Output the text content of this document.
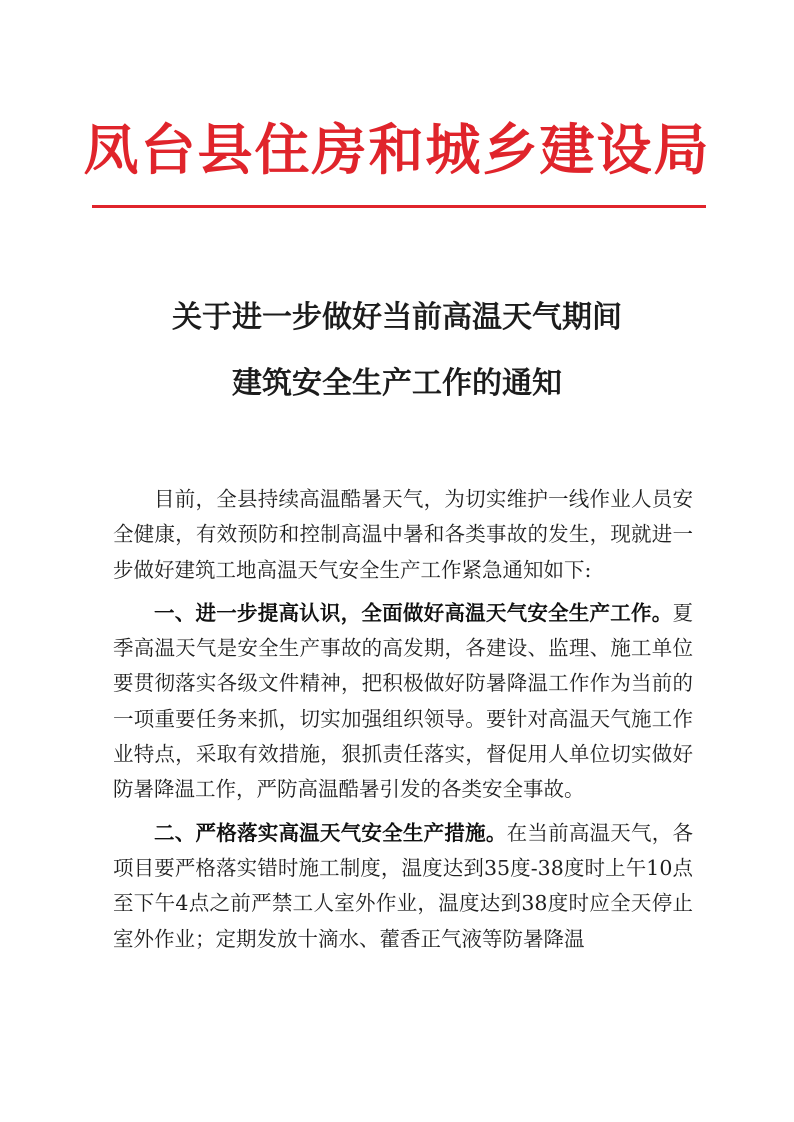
凤台县住房和城乡建设局
关于进一步做好当前高温天气期间
建筑安全生产工作的通知

目前，全县持续高温酷暑天气，为切实维护一线作业人员安全健康，有效预防和控制高温中暑和各类事故的发生，现就进一步做好建筑工地高温天气安全生产工作紧急通知如下:

一、进一步提高认识，全面做好高温天气安全生产工作。夏季高温天气是安全生产事故的高发期，各建设、监理、施工单位要贯彻落实各级文件精神，把积极做好防暑降温工作作为当前的一项重要任务来抓，切实加强组织领导。要针对高温天气施工作业特点，采取有效措施，狠抓责任落实，督促用人单位切实做好防暑降温工作，严防高温酷暑引发的各类安全事故。

二、严格落实高温天气安全生产措施。在当前高温天气，各项目要严格落实错时施工制度，温度达到35度-38度时上午10点至下午4点之前严禁工人室外作业，温度达到38度时应全天停止室外作业；定期发放十滴水、藿香正气液等防暑降温
